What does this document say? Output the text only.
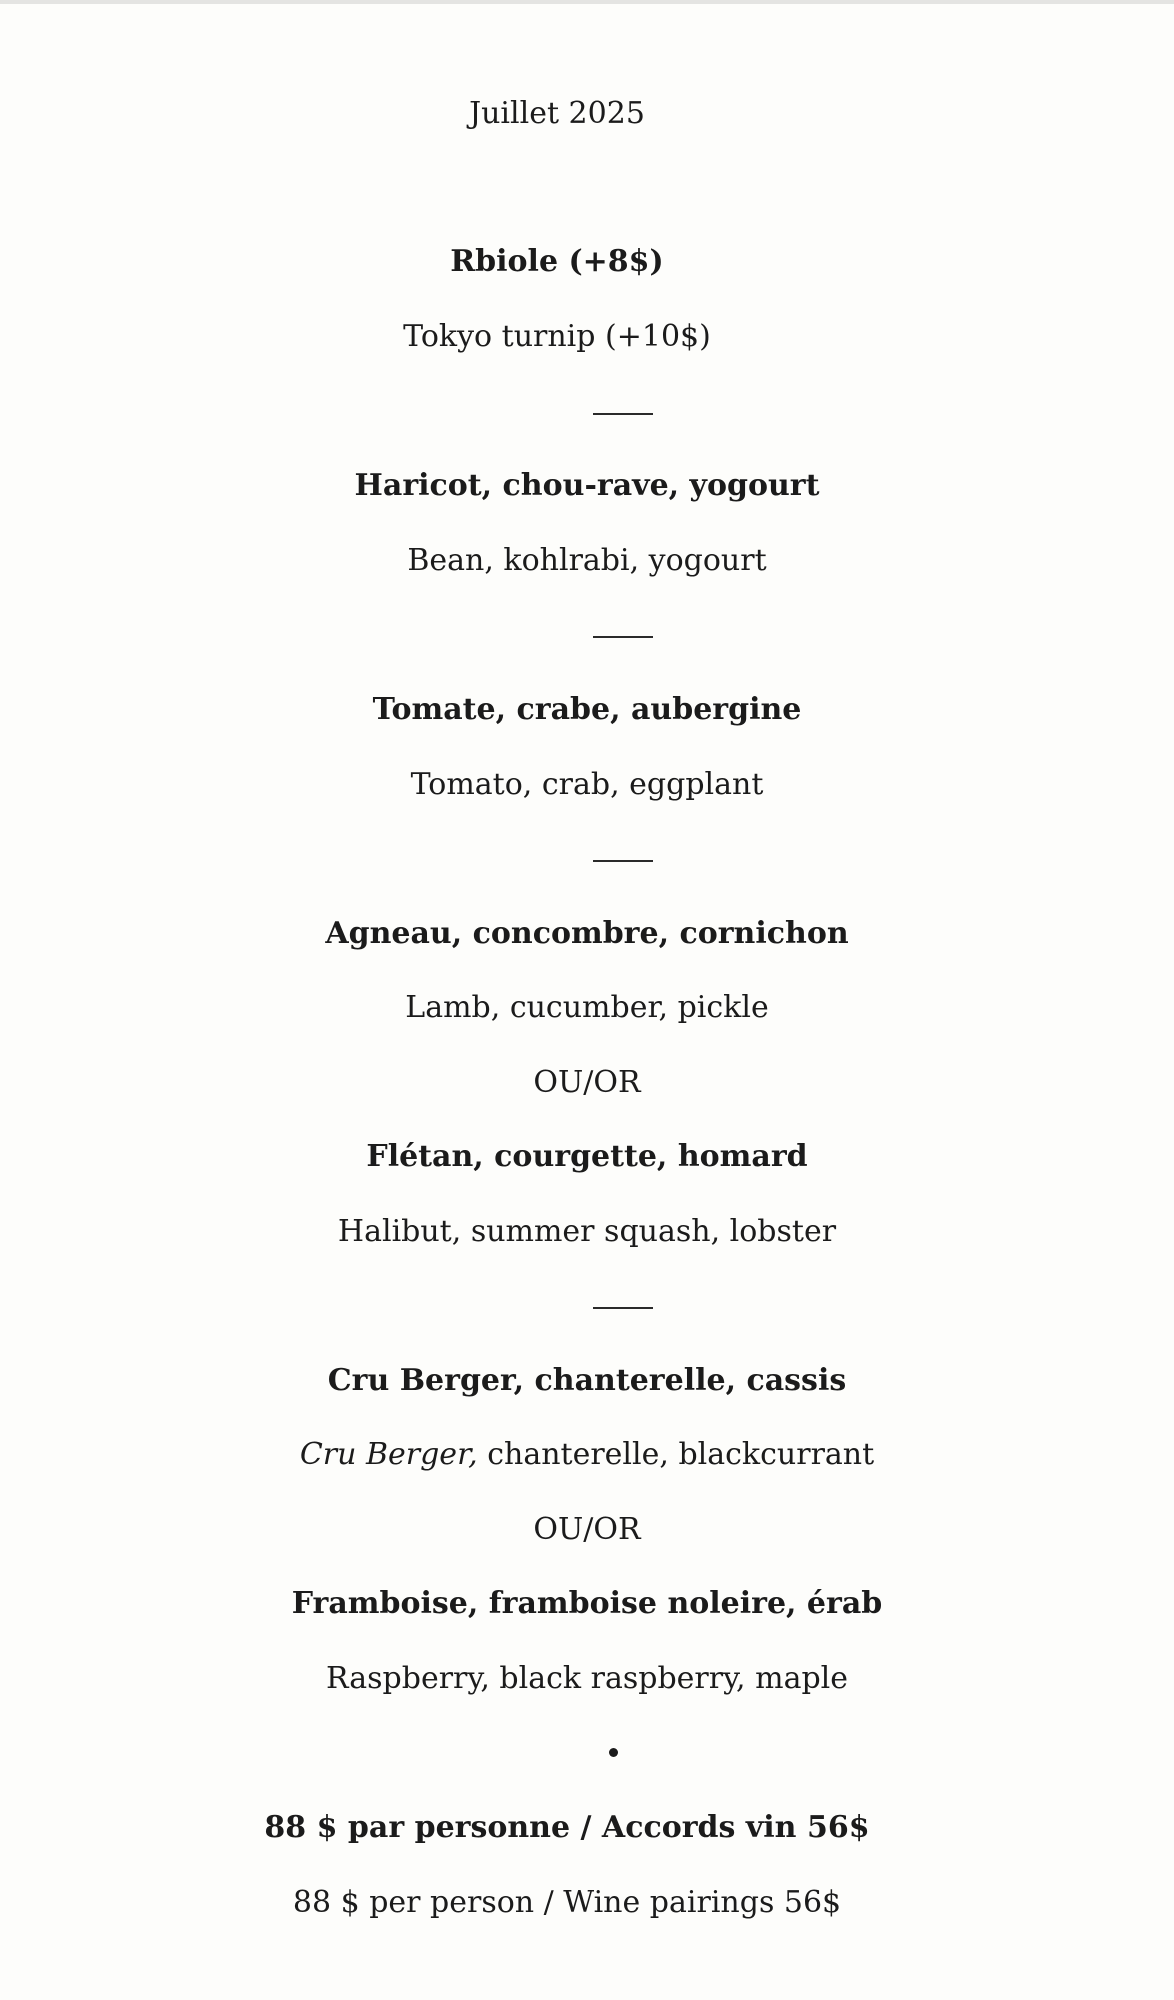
Juillet 2025
Rbiole (+8$)
Tokyo turnip (+10$)
Haricot, chou-rave, yogourt
Bean, kohlrabi, yogourt
Tomate, crabe, aubergine
Tomato, crab, eggplant
Agneau, concombre, cornichon
Lamb, cucumber, pickle
OU/OR
Flétan, courgette, homard
Halibut, summer squash, lobster
Cru Berger, chanterelle, cassis
Cru Berger, chanterelle, blackcurrant
OU/OR
Framboise, framboise noleire, érab
Raspberry, black raspberry, maple
88 $ par personne / Accords vin 56$
88 $ per person / Wine pairings 56$
